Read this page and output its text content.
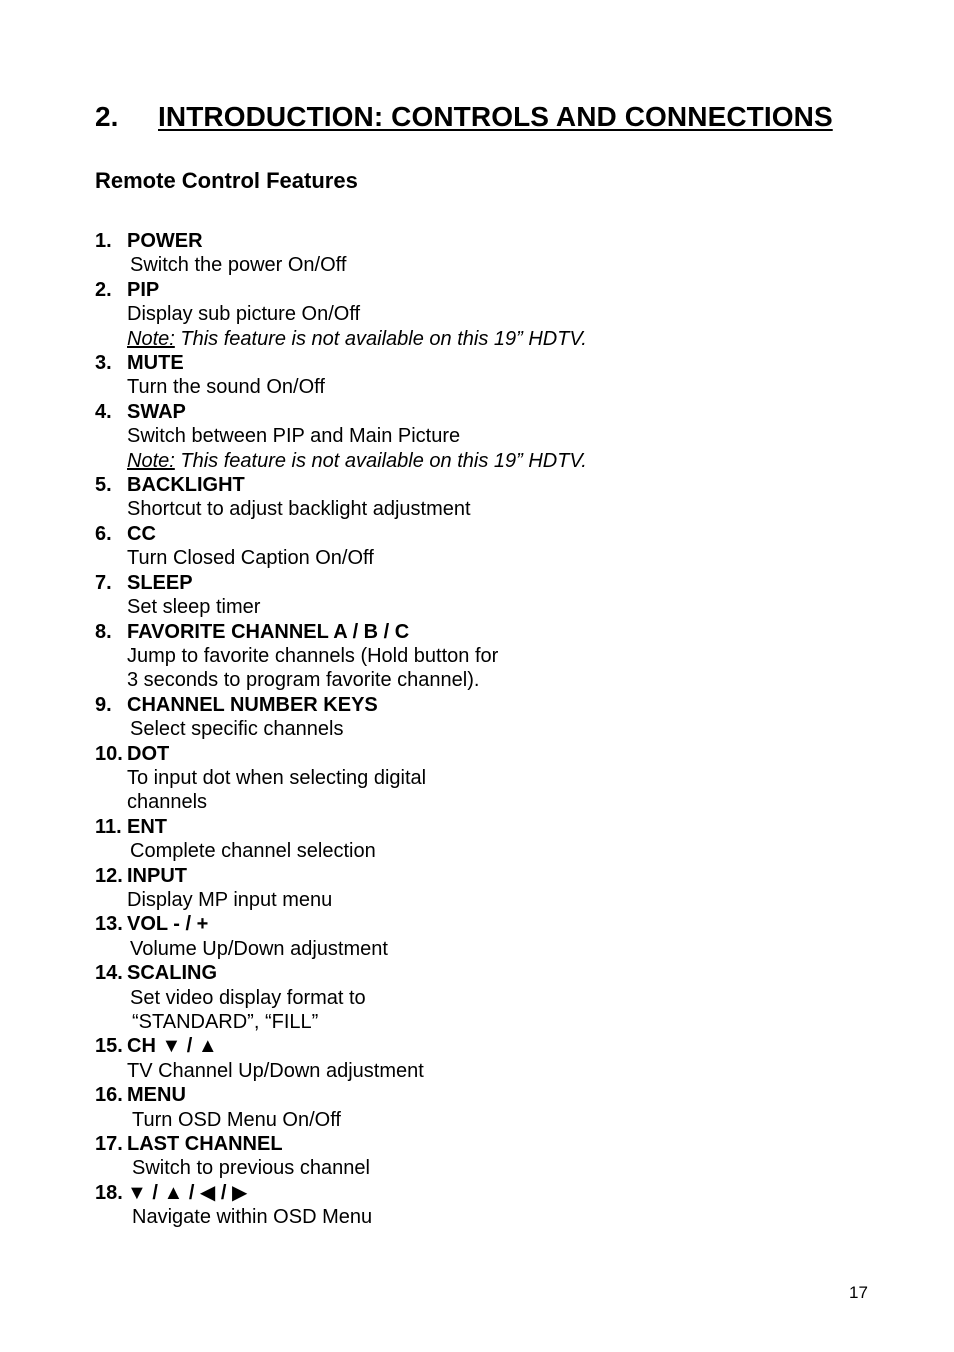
2. INTRODUCTION: CONTROLS AND CONNECTIONS
Remote Control Features
1. POWER
Switch the power On/Off
2. PIP
Display sub picture On/Off
Note: This feature is not available on this 19” HDTV.
3. MUTE
Turn the sound On/Off
4. SWAP
Switch between PIP and Main Picture
Note: This feature is not available on this 19” HDTV.
5. BACKLIGHT
Shortcut to adjust backlight adjustment
6. CC
Turn Closed Caption On/Off
7. SLEEP
Set sleep timer
8. FAVORITE CHANNEL A / B / C
Jump to favorite channels (Hold button for
3 seconds to program favorite channel).
9. CHANNEL NUMBER KEYS
Select specific channels
10. DOT
To input dot when selecting digital
channels
11. ENT
Complete channel selection
12. INPUT
Display MP input menu
13. VOL - / +
Volume Up/Down adjustment
14. SCALING
Set video display format to
“STANDARD”, “FILL”
15. CH ▼ / ▲
TV Channel Up/Down adjustment
16. MENU
Turn OSD Menu On/Off
17. LAST CHANNEL
Switch to previous channel
18. ▼ / ▲ / ◀ / ▶
Navigate within OSD Menu
17
